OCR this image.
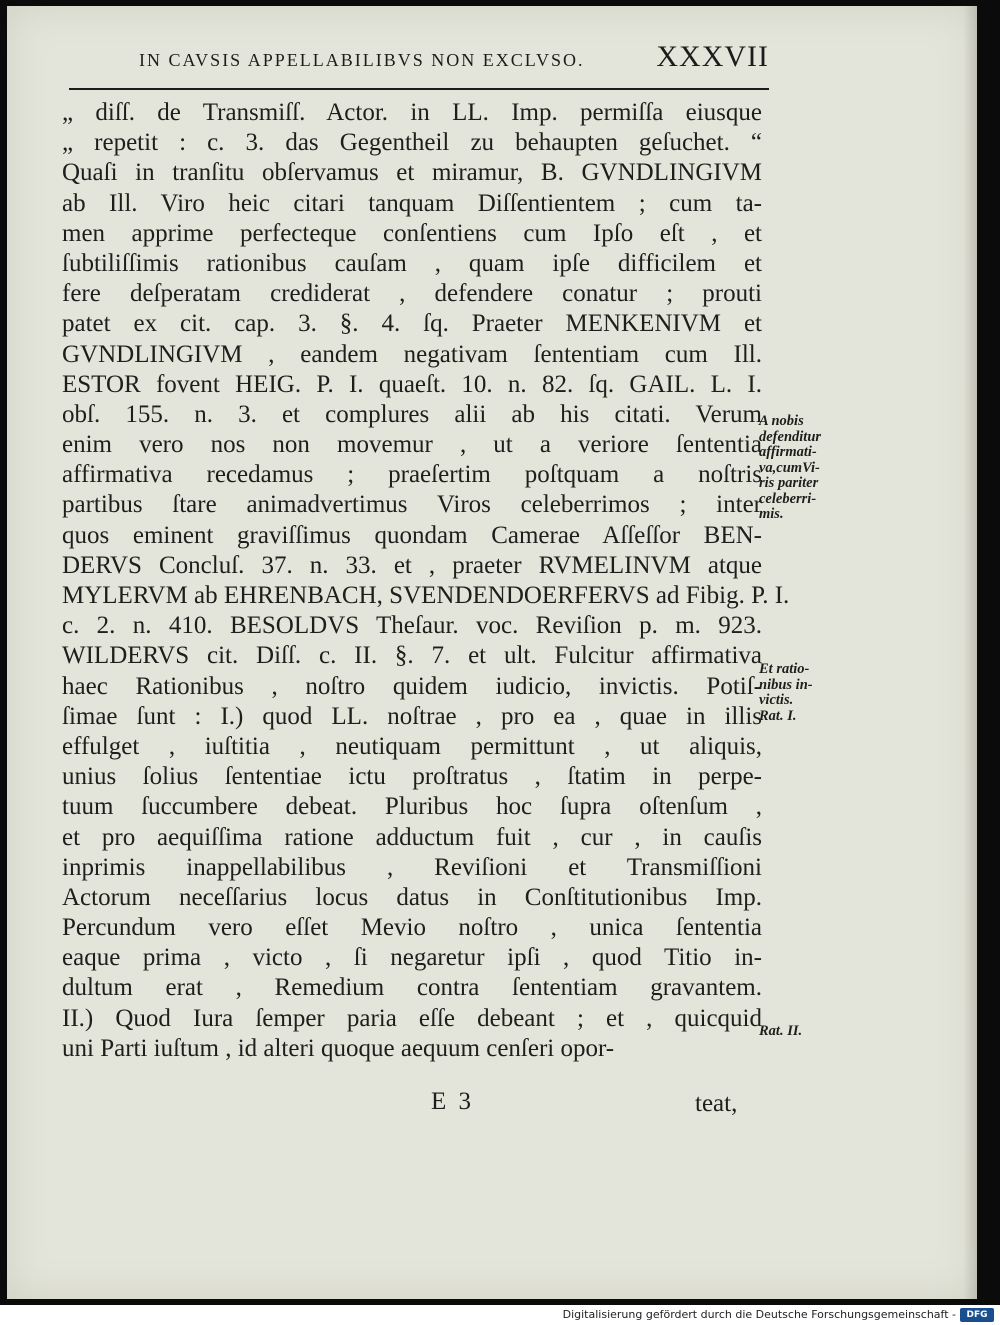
IN CAVSIS APPELLABILIBVS NON EXCLVSO. XXXVII
„ diſſ. de Transmiſſ. Actor. in LL. Imp. permiſſa eiusque
„ repetit : c. 3. das Gegentheil zu behaupten geſuchet. “
Quaſi in tranſitu obſervamus et miramur, B. GVNDLINGIVM
ab Ill. Viro heic citari tanquam Diſſentientem ; cum ta-
men apprime perfecteque conſentiens cum Ipſo eſt , et
ſubtiliſſimis rationibus cauſam , quam ipſe difficilem et
fere deſperatam crediderat , defendere conatur ; prouti
patet ex cit. cap. 3. §. 4. ſq. Praeter MENKENIVM et
GVNDLINGIVM , eandem negativam ſententiam cum Ill.
ESTOR fovent HEIG. P. I. quaeſt. 10. n. 82. ſq. GAIL. L. I.
obſ. 155. n. 3. et complures alii ab his citati. Verum
enim vero nos non movemur , ut a veriore ſententia
affirmativa recedamus ; praeſertim poſtquam a noſtris
partibus ſtare animadvertimus Viros celeberrimos ; inter
quos eminent graviſſimus quondam Camerae Aſſeſſor BEN-
DERVS Concluſ. 37. n. 33. et , praeter RVMELINVM atque
MYLERVM ab EHRENBACH, SVENDENDOERFERVS ad Fibig. P. I.
c. 2. n. 410. BESOLDVS Theſaur. voc. Reviſion p. m. 923.
WILDERVS cit. Diſſ. c. II. §. 7. et ult. Fulcitur affirmativa
haec Rationibus , noſtro quidem iudicio, invictis. Potiſ-
ſimae ſunt : I.) quod LL. noſtrae , pro ea , quae in illis
effulget , iuſtitia , neutiquam permittunt , ut aliquis,
unius ſolius ſententiae ictu proſtratus , ſtatim in perpe-
tuum ſuccumbere debeat. Pluribus hoc ſupra oſtenſum ,
et pro aequiſſima ratione adductum fuit , cur , in cauſis
inprimis inappellabilibus , Reviſioni et Transmiſſioni
Actorum neceſſarius locus datus in Conſtitutionibus Imp.
Percundum vero eſſet Mevio noſtro , unica ſententia
eaque prima , victo , ſi negaretur ipſi , quod Titio in-
dultum erat , Remedium contra ſententiam gravantem.
II.) Quod Iura ſemper paria eſſe debeant ; et , quicquid
uni Parti iuſtum , id alteri quoque aequum cenſeri opor-
A nobis
defenditur
affirmati-
va,cumVi-
ris pariter
celeberri-
mis.
Et ratio-
nibus in-
victis.
Rat. I.
Rat. II.
E 3	teat,
Digitalisierung gefördert durch die Deutsche Forschungsgemeinschaft -	DFG
